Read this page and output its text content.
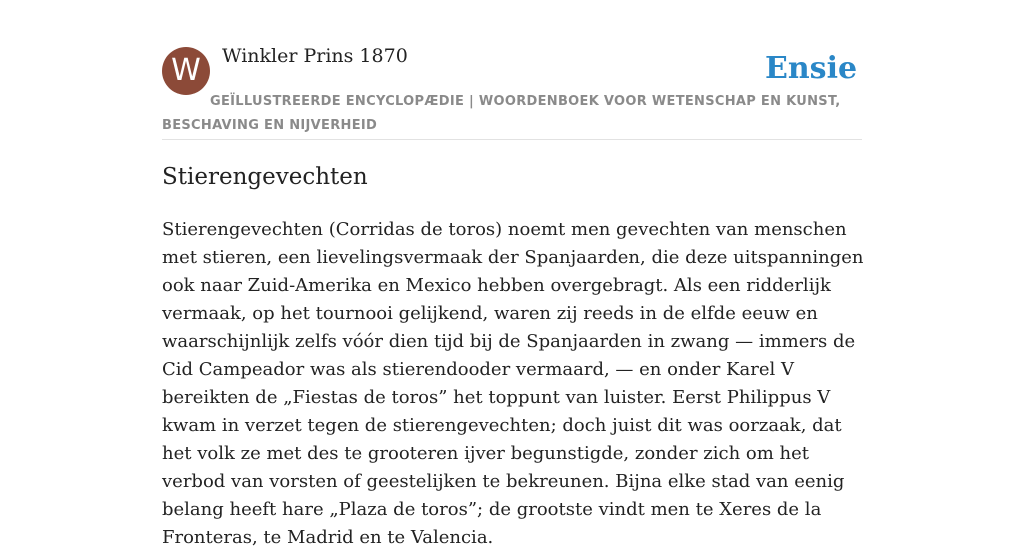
W	Winkler Prins 1870	Ensie
GEÏLLUSTREERDE ENCYCLOPÆDIE | WOORDENBOEK VOOR WETENSCHAP EN KUNST, BESCHAVING EN NIJVERHEID
Stierengevechten

Stierengevechten (Corridas de toros) noemt men gevechten van menschen met stieren, een lievelingsvermaak der Spanjaarden, die deze uitspanningen ook naar Zuid-Amerika en Mexico hebben overgebragt. Als een ridderlijk vermaak, op het tournooi gelijkend, waren zij reeds in de elfde eeuw en waarschijnlijk zelfs vóór dien tijd bij de Spanjaarden in zwang — immers de Cid Campeador was als stierendooder vermaard, — en onder Karel V bereikten de „Fiestas de toros” het toppunt van luister. Eerst Philippus V kwam in verzet tegen de stierengevechten; doch juist dit was oorzaak, dat het volk ze met des te grooteren ijver begunstigde, zonder zich om het verbod van vorsten of geestelijken te bekreunen. Bijna elke stad van eenig belang heeft hare „Plaza de toros”; de grootste vindt men te Xeres de la Fronteras, te Madrid en te Valencia.
